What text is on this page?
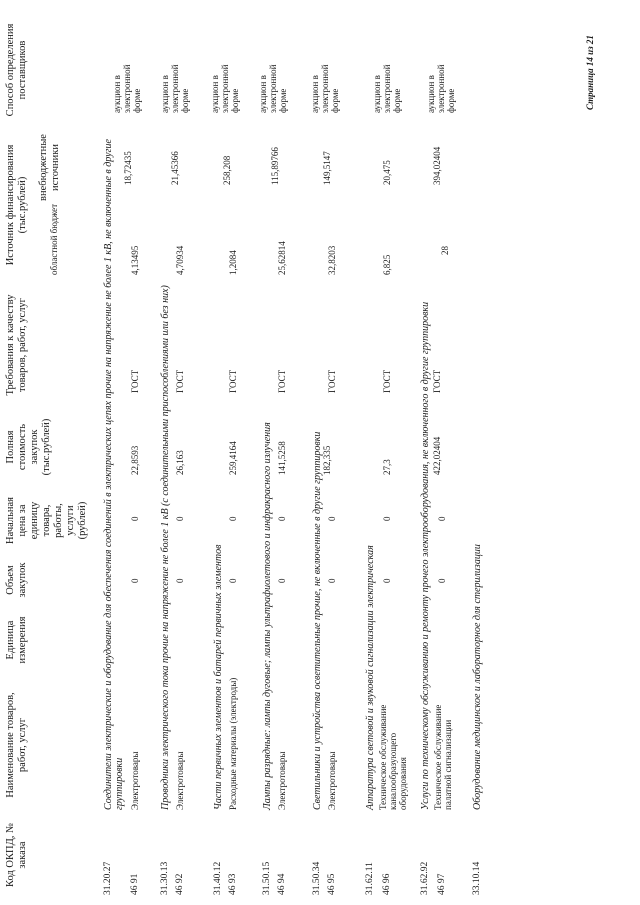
Код ОКПД, № заказа
Наименование товаров, работ, услуг
Единица измерения
Объем закупок
Начальная цена за единицу товара, работы, услуги (рублей)
Полная стоимость закупок (тыс.рублей)
Требования к качеству товаров, работ, услуг
Источник финансирования (тыс.рублей) областной бюджет
внебюджетные источники
Способ определения поставщиков
31.20.27
Соединители электрические и оборудование для обеспечения соединений в электрических цепях прочие на напряжение не более 1 кВ, не включенные в другие группировки
46 91
Электротовары
0
0
22,8593
ГОСТ
4,13495
18,72435
аукцион в электронной форме
31.30.13
Проводники электрического тока прочие на напряжение не более 1 кВ (с соединительными приспособлениями или без них)
46 92
Электротовары
0
0
26,163
ГОСТ
4,70934
21,45366
аукцион в электронной форме
31.40.12
Части первичных элементов и батарей первичных элементов
46 93
Расходные материалы (электроды)
0
0
259,4164
ГОСТ
1,2084
258,208
аукцион в электронной форме
31.50.15
Лампы разрядные: лампы дуговые; лампы ультрафиолетового и инфракрасного излучения
46 94
Электротовары
0
0
141,5258
ГОСТ
25,62814
115,89766
аукцион в электронной форме
31.50.34
Светильники и устройства осветительные прочие, не включенные в другие группировки
46 95
Электротовары
0
0
182,335
ГОСТ
32,8203
149,5147
аукцион в электронной форме
31.62.11
Аппаратура световой и звуковой сигнализации электрическая
46 96
Техническое обслуживание каналообразующего оборудования
0
0
27,3
ГОСТ
6,825
20,475
аукцион в электронной форме
31.62.92
Услуги по техническому обслуживанию и ремонту прочего электрооборудования, не включенного в другие группировки
46 97
Техническое обслуживание палатной сигнализации
0
0
422,02404
ГОСТ
28
394,02404
аукцион в электронной форме
33.10.14
Оборудование медицинское и лабораторное для стерилизации
Страница 14 из 21
